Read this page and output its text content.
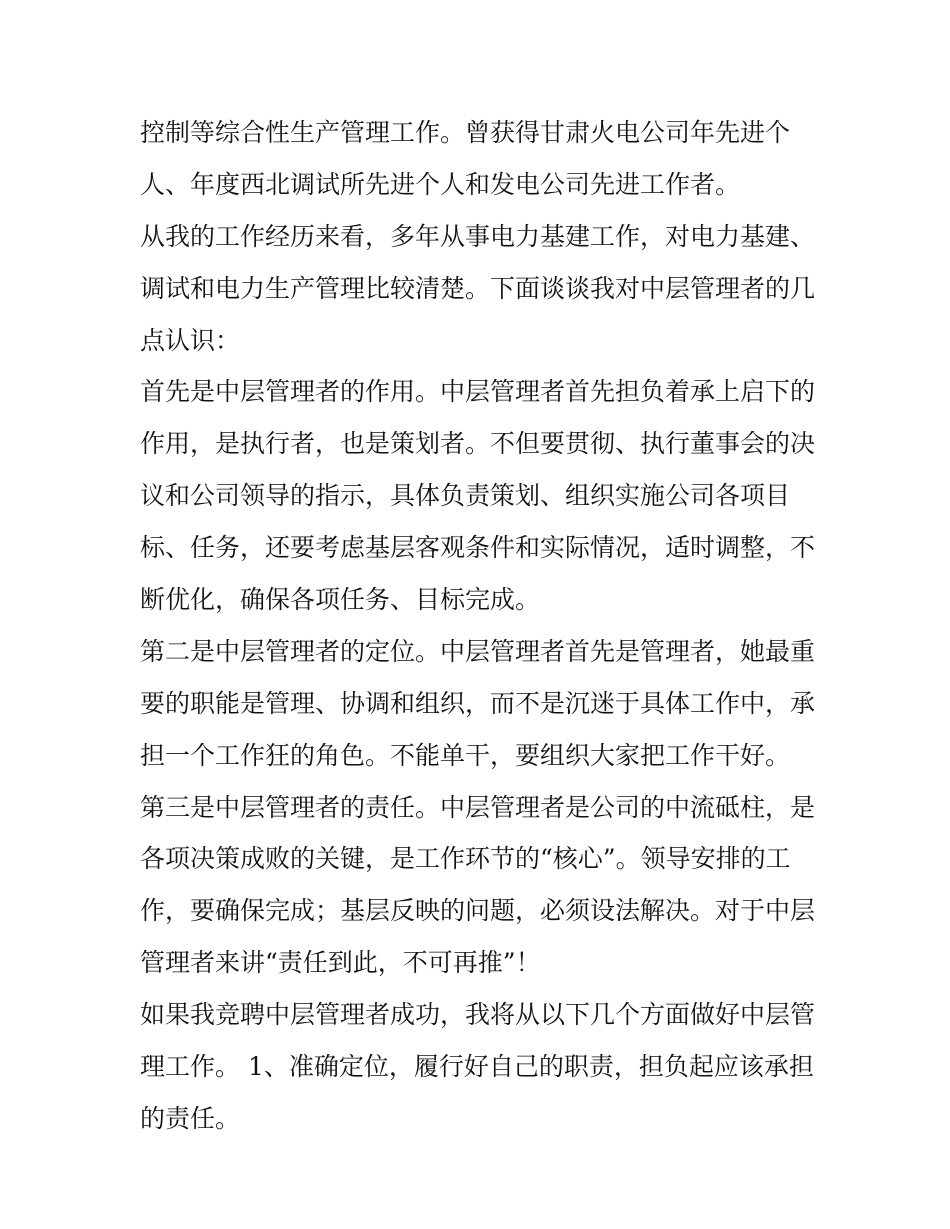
控制等综合性生产管理工作。曾获得甘肃火电公司年先进个
人、年度西北调试所先进个人和发电公司先进工作者。
从我的工作经历来看，多年从事电力基建工作，对电力基建、
调试和电力生产管理比较清楚。下面谈谈我对中层管理者的几
点认识：
首先是中层管理者的作用。中层管理者首先担负着承上启下的
作用，是执行者，也是策划者。不但要贯彻、执行董事会的决
议和公司领导的指示，具体负责策划、组织实施公司各项目
标、任务，还要考虑基层客观条件和实际情况，适时调整，不
断优化，确保各项任务、目标完成。
第二是中层管理者的定位。中层管理者首先是管理者，她最重
要的职能是管理、协调和组织，而不是沉迷于具体工作中，承
担一个工作狂的角色。不能单干，要组织大家把工作干好。
第三是中层管理者的责任。中层管理者是公司的中流砥柱，是
各项决策成败的关键，是工作环节的“核心”。领导安排的工
作，要确保完成；基层反映的问题，必须设法解决。对于中层
管理者来讲“责任到此，不可再推”！
如果我竞聘中层管理者成功，我将从以下几个方面做好中层管
理工作。 1、准确定位，履行好自己的职责，担负起应该承担
的责任。
